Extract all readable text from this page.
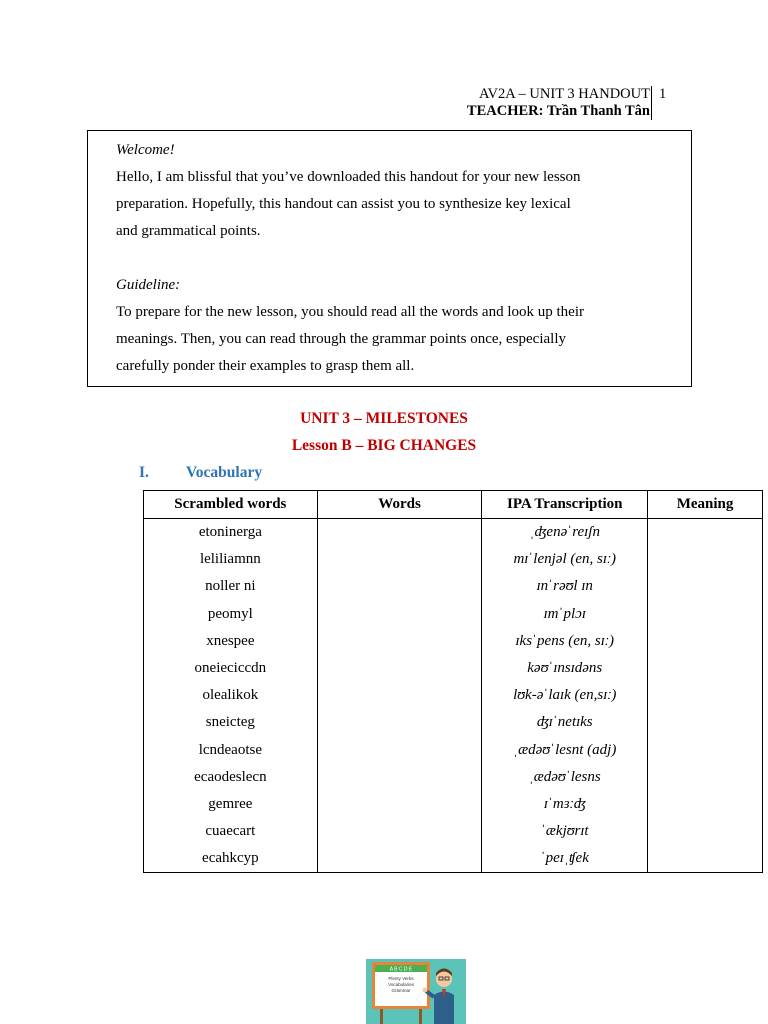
AV2A – UNIT 3 HANDOUT
TEACHER: Trần Thanh Tân
1

Welcome!

Hello, I am blissful that you’ve downloaded this handout for your new lesson

preparation. Hopefully, this handout can assist you to synthesize key lexical

and grammatical points.

Guideline:

To prepare for the new lesson, you should read all the words and look up their

meanings. Then, you can read through the grammar points once, especially

carefully ponder their examples to grasp them all.

UNIT 3 – MILESTONES
Lesson B – BIG CHANGES
I. Vocabulary
Scrambled words	Words	IPA Transcription	Meaning
etoninerga		ˌʤenəˈreɪʃn	
leliliamnn		mɪˈlenjəl (en, sɪː)	
noller ni		ɪnˈrəʊl ɪn	
peomyl		ɪmˈplɔɪ	
xnespee		ɪksˈpens (en, sɪː)	
oneieciccdn		kəʊˈɪnsɪdəns	
olealikok		lʊk-əˈlaɪk (en,sɪː)	
sneicteg		ʤɪˈnetɪks	
lcndeaotse		ˌædəʊˈlesnt (adj)	
ecaodeslecn		ˌædəʊˈlesns	
gemree		ɪˈmɜːʤ	
cuaecart		ˈækjʊrɪt	
ecahkcyp		ˈpeɪˌʧek	
A B C D E
Plenty Verbs
Vocabularies
Grammar
